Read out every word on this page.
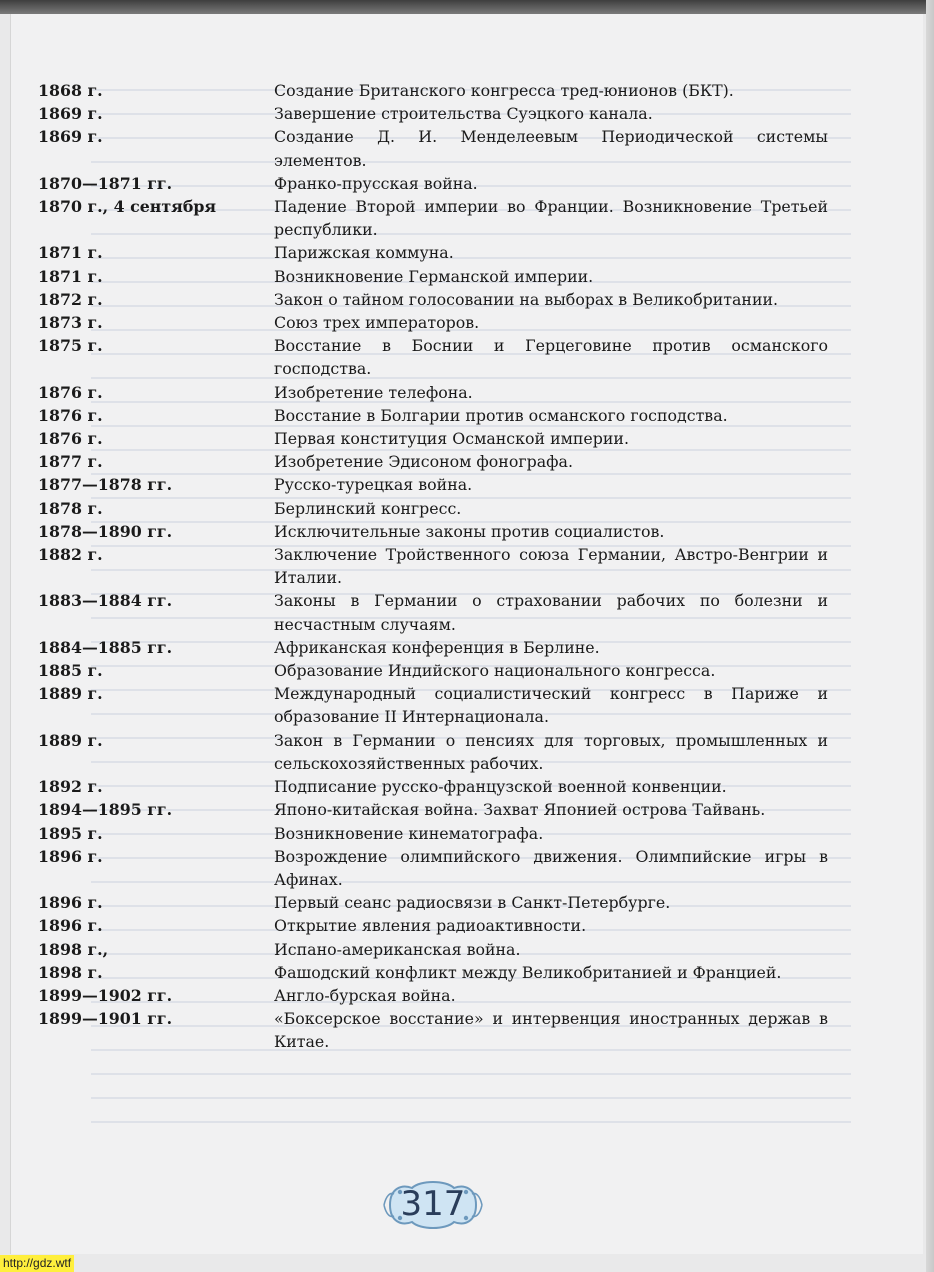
1868 г.	Создание Британского конгресса тред-юнионов (БКТ).
1869 г.	Завершение строительства Суэцкого канала.
1869 г.	Создание Д. И. Менделеевым Периодической системы элементов.
1870—1871 гг.	Франко-прусская война.
1870 г., 4 сентября	Падение Второй империи во Франции. Возникновение Третьей республики.
1871 г.	Парижская коммуна.
1871 г.	Возникновение Германской империи.
1872 г.	Закон о тайном голосовании на выборах в Великобритании.
1873 г.	Союз трех императоров.
1875 г.	Восстание в Боснии и Герцеговине против османского господства.
1876 г.	Изобретение телефона.
1876 г.	Восстание в Болгарии против османского господства.
1876 г.	Первая конституция Османской империи.
1877 г.	Изобретение Эдисоном фонографа.
1877—1878 гг.	Русско-турецкая война.
1878 г.	Берлинский конгресс.
1878—1890 гг.	Исключительные законы против социалистов.
1882 г.	Заключение Тройственного союза Германии, Австро-Венгрии и Италии.
1883—1884 гг.	Законы в Германии о страховании рабочих по болезни и несчастным случаям.
1884—1885 гг.	Африканская конференция в Берлине.
1885 г.	Образование Индийского национального конгресса.
1889 г.	Международный социалистический конгресс в Париже и образование II Интернационала.
1889 г.	Закон в Германии о пенсиях для торговых, промышленных и сельскохозяйственных рабочих.
1892 г.	Подписание русско-французской военной конвенции.
1894—1895 гг.	Японо-китайская война. Захват Японией острова Тайвань.
1895 г.	Возникновение кинематографа.
1896 г.	Возрождение олимпийского движения. Олимпийские игры в Афинах.
1896 г.	Первый сеанс радиосвязи в Санкт-Петербурге.
1896 г.	Открытие явления радиоактивности.
1898 г.,	Испано-американская война.
1898 г.	Фашодский конфликт между Великобританией и Францией.
1899—1902 гг.	Англо-бурская война.
1899—1901 гг.	«Боксерское восстание» и интервенция иностранных держав в Китае.
317
http://gdz.wtf
